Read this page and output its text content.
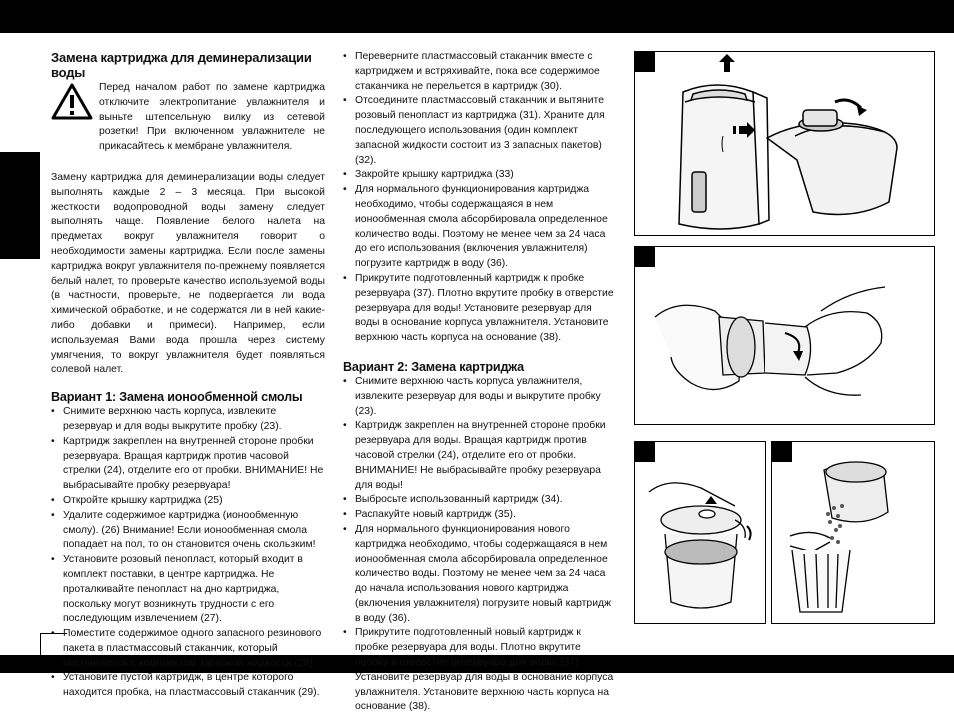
Замена картриджа для деминерализации воды

Перед началом работ по замене картриджа отключите электропитание увлажнителя и выньте штепсельную вилку из сетевой розетки! При включенном увлажнителе не прикасайтесь к мембране увлажнителя.

Замену картриджа для деминерализации воды следует выполнять каждые 2 – 3 месяца. При высокой жесткости водопроводной воды замену следует выполнять чаще. Появление белого налета на предметах вокруг увлажнителя говорит о необходимости замены картриджа. Если после замены картриджа вокруг увлажнителя по-прежнему появляется белый налет, то проверьте качество используемой воды (в частности, проверьте, не подвергается ли вода химической обработке, и не содержатся ли в ней какие-либо добавки и примеси). Например, если используемая Вами вода прошла через систему умягчения, то вокруг увлажнителя будет появляться солевой налет.

Вариант 1: Замена ионообменной смолы
• Снимите верхнюю часть корпуса, извлеките резервуар и для воды выкрутите пробку (23).
• Картридж закреплен на внутренней стороне пробки резервуара. Вращая картридж против часовой стрелки (24), отделите его от пробки. ВНИМАНИЕ! Не выбрасывайте пробку резервуара!
• Откройте крышку картриджа (25)
• Удалите содержимое картриджа (ионообменную смолу). (26) Внимание! Если ионообменная смола попадает на пол, то он становится очень скользким!
• Установите розовый пенопласт, который входит в комплект поставки, в центре картриджа. Не проталкивайте пенопласт на дно картриджа, поскольку могут возникнуть трудности с его последующим извлечением (27).
• Поместите содержимое одного запасного резинового пакета в пластмассовый стаканчик, который поставляется с комплектом запасной жидкости (28).
• Установите пустой картридж, в центре которого находится пробка, на пластмассовый стаканчик (29).
• Переверните пластмассовый стаканчик вместе с картриджем и встряхивайте, пока все содержимое стаканчика не перельется в картридж (30).
• Отсоедините пластмассовый стаканчик и вытяните розовый пенопласт из картриджа (31). Храните для последующего использования (один комплект запасной жидкости состоит из 3 запасных пакетов) (32).
• Закройте крышку картриджа (33)
• Для нормального функционирования картриджа необходимо, чтобы содержащаяся в нем ионообменная смола абсорбировала определенное количество воды. Поэтому не менее чем за 24 часа до его использования (включения увлажнителя) погрузите картридж в воду (36).
• Прикрутите подготовленный картридж к пробке резервуара (37). Плотно вкрутите пробку в отверстие резервуара для воды! Установите резервуар для воды в основание корпуса увлажнителя. Установите верхнюю часть корпуса на основание (38).
Вариант 2: Замена картриджа
• Снимите верхнюю часть корпуса увлажнителя, извлеките резервуар для воды и выкрутите пробку (23).
• Картридж закреплен на внутренней стороне пробки резервуара для воды. Вращая картридж против часовой стрелки (24), отделите его от пробки. ВНИМАНИЕ! Не выбрасывайте пробку резервуара для воды!
• Выбросьте использованный картридж (34).
• Распакуйте новый картридж (35).
• Для нормального функционирования нового картриджа необходимо, чтобы содержащаяся в нем ионообменная смола абсорбировала определенное количество воды. Поэтому не менее чем за 24 часа до начала использования нового картриджа (включения увлажнителя) погрузите новый картридж в воду (36).
• Прикрутите подготовленный новый картридж к пробке резервуара для воды. Плотно вкрутите пробку в отверстие резервуара для воды! (37) Установите резервуар для воды в основание корпуса увлажнителя. Установите верхнюю часть корпуса на основание (38).
